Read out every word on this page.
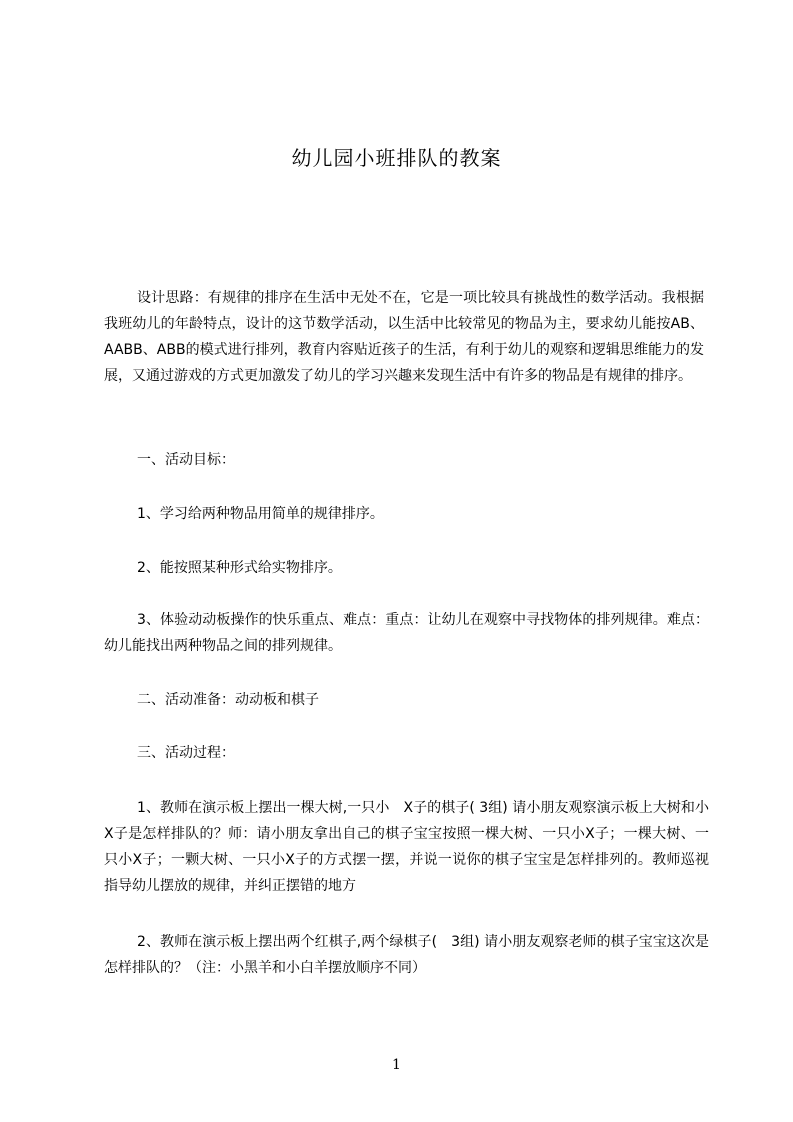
幼儿园小班排队的教案

设计思路：有规律的排序在生活中无处不在，它是一项比较具有挑战性的数学活动。我根据我班幼儿的年龄特点，设计的这节数学活动，以生活中比较常见的物品为主，要求幼儿能按AB、AABB、ABB的模式进行排列，教育内容贴近孩子的生活，有利于幼儿的观察和逻辑思维能力的发展，又通过游戏的方式更加激发了幼儿的学习兴趣来发现生活中有许多的物品是有规律的排序。

一、活动目标：
1、学习给两种物品用简单的规律排序。
2、能按照某种形式给实物排序。
3、体验动动板操作的快乐重点、难点：重点：让幼儿在观察中寻找物体的排列规律。难点：幼儿能找出两种物品之间的排列规律。
二、活动准备：动动板和棋子
三、活动过程：
1、教师在演示板上摆出一棵大树,一只小　X子的棋子( 3组) 请小朋友观察演示板上大树和小X子是怎样排队的？师：请小朋友拿出自己的棋子宝宝按照一棵大树、一只小X子；一棵大树、一只小X子；一颗大树、一只小X子的方式摆一摆，并说一说你的棋子宝宝是怎样排列的。教师巡视指导幼儿摆放的规律，并纠正摆错的地方
2、教师在演示板上摆出两个红棋子,两个绿棋子(　3组) 请小朋友观察老师的棋子宝宝这次是怎样排队的？（注：小黑羊和小白羊摆放顺序不同）
1
